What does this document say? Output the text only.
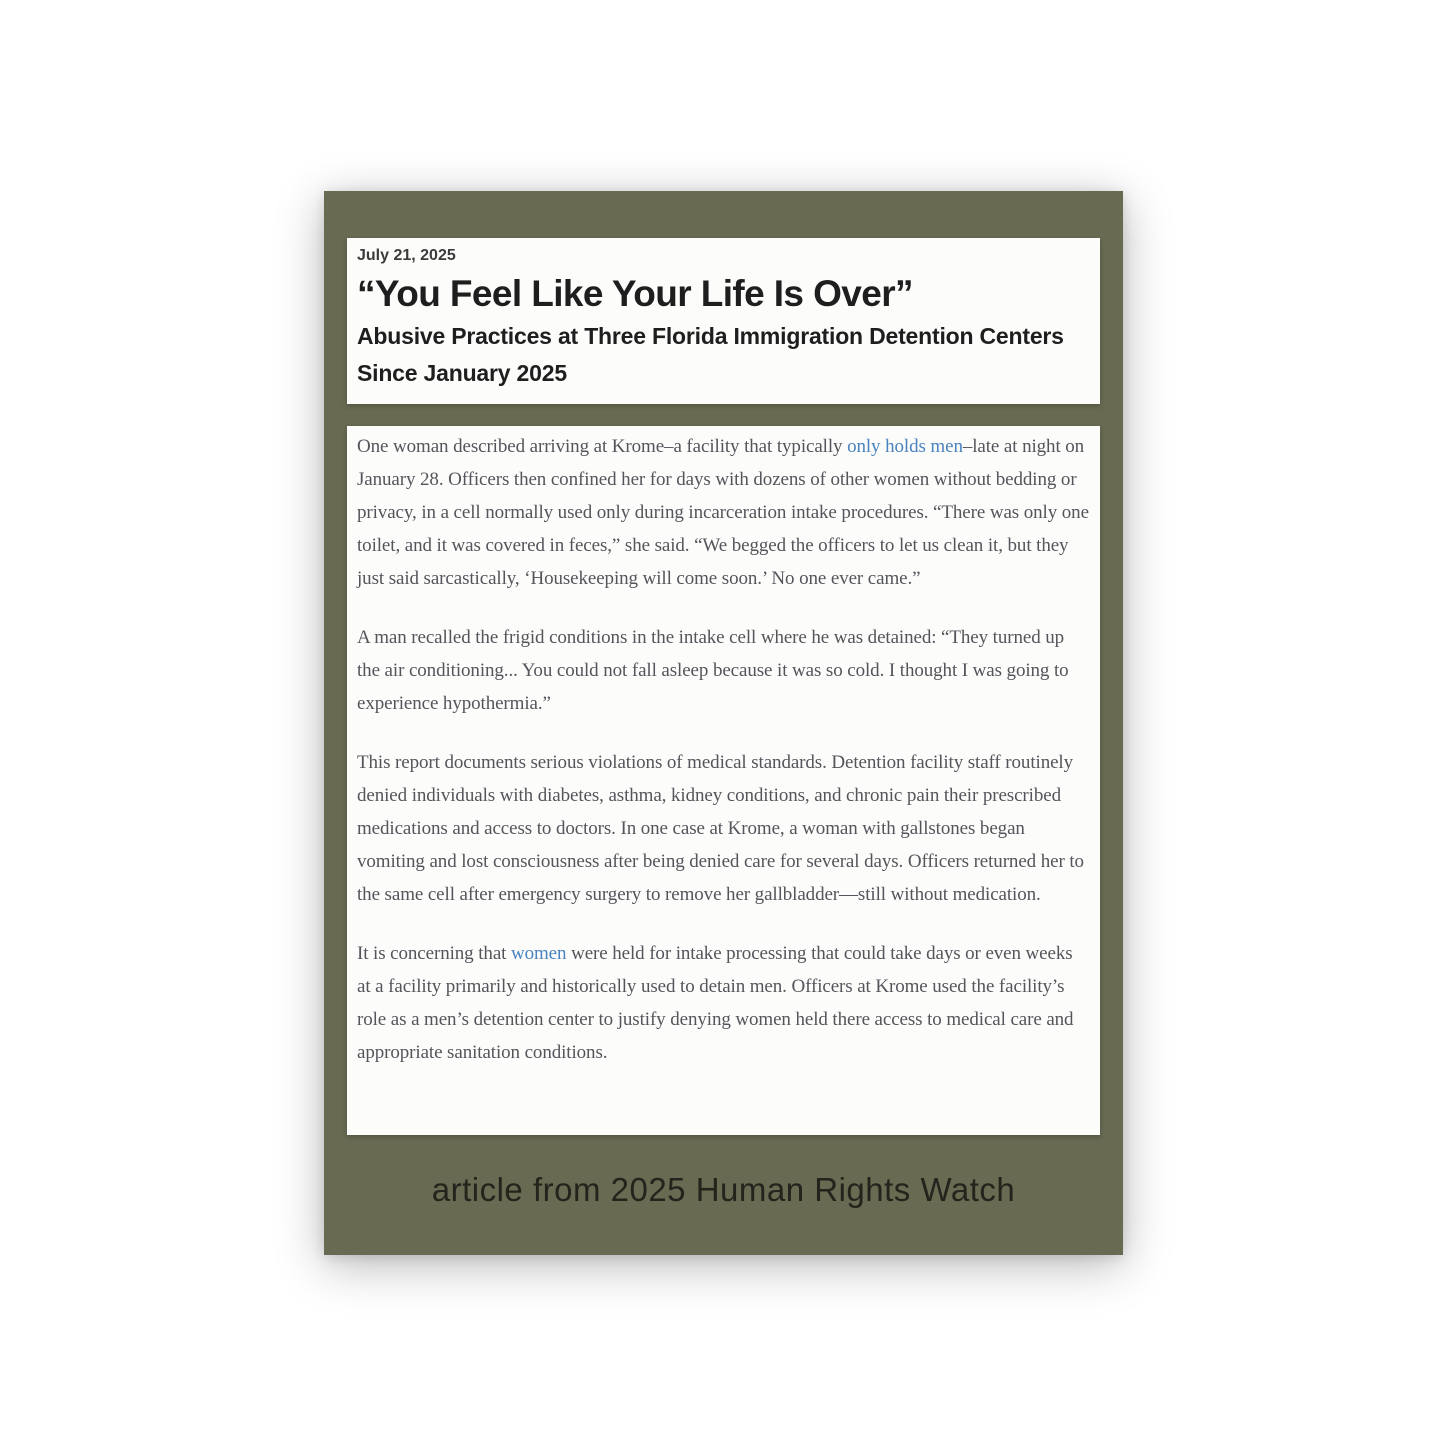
July 21, 2025
“You Feel Like Your Life Is Over”
Abusive Practices at Three Florida Immigration Detention Centers Since January 2025

One woman described arriving at Krome–a facility that typically only holds men–late at night on January 28. Officers then confined her for days with dozens of other women without bedding or privacy, in a cell normally used only during incarceration intake procedures. “There was only one toilet, and it was covered in feces,” she said. “We begged the officers to let us clean it, but they just said sarcastically, ‘Housekeeping will come soon.’ No one ever came.”

A man recalled the frigid conditions in the intake cell where he was detained: “They turned up the air conditioning... You could not fall asleep because it was so cold. I thought I was going to experience hypothermia.”

This report documents serious violations of medical standards. Detention facility staff routinely denied individuals with diabetes, asthma, kidney conditions, and chronic pain their prescribed medications and access to doctors. In one case at Krome, a woman with gallstones began vomiting and lost consciousness after being denied care for several days. Officers returned her to the same cell after emergency surgery to remove her gallbladder—still without medication.

It is concerning that women were held for intake processing that could take days or even weeks at a facility primarily and historically used to detain men. Officers at Krome used the facility’s role as a men’s detention center to justify denying women held there access to medical care and appropriate sanitation conditions.

article from 2025 Human Rights Watch
